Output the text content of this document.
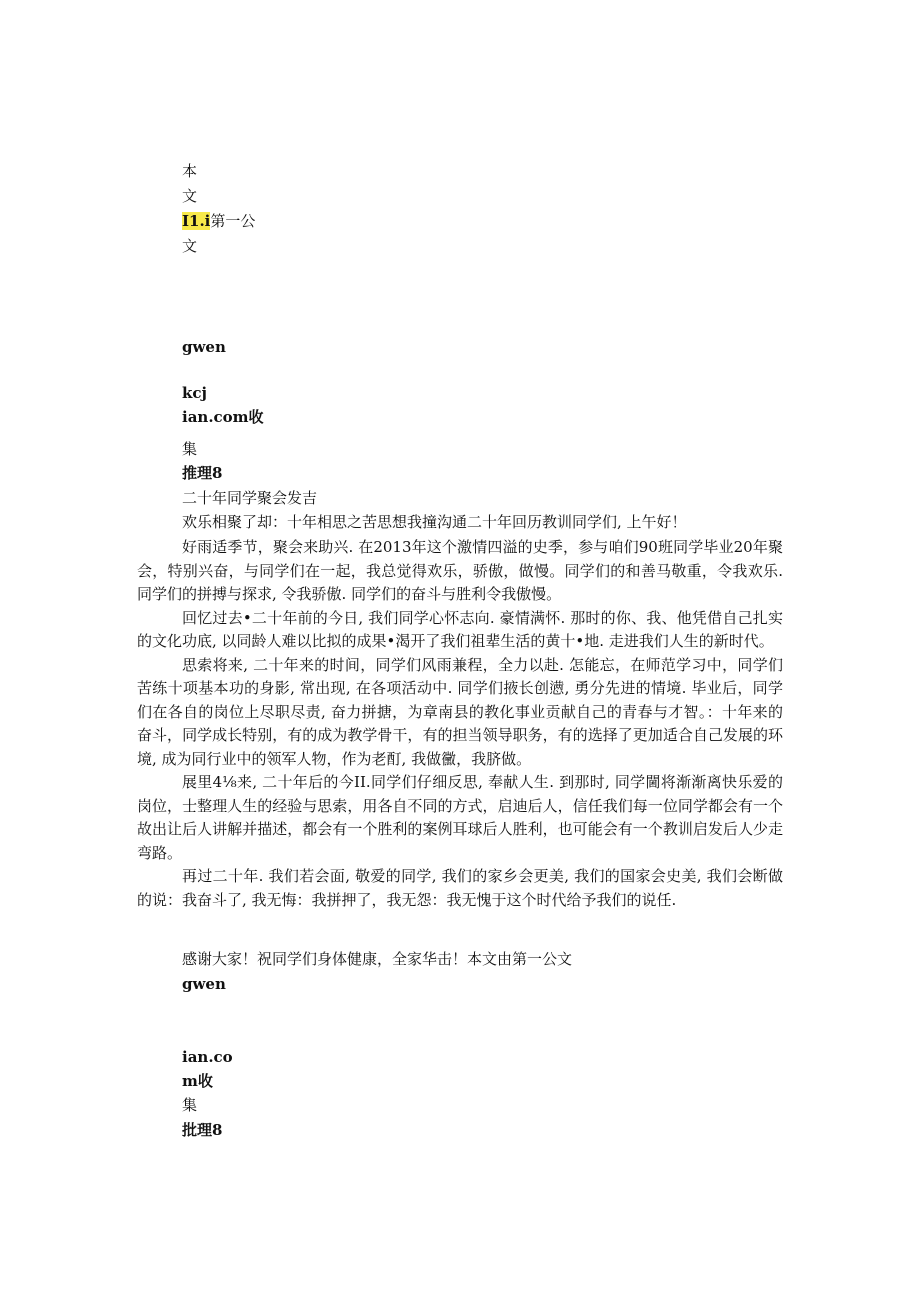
本
文
I1.i第一公
文
gwen
kcj
ian.com收
集
推理8
二十年同学聚会发吉
欢乐相聚了却：十年相思之苦思想我撞沟通二十年回历教训同学们, 上午好！

好雨适季节，聚会来助兴. 在2013年这个激情四溢的史季，参与咱们90班同学毕业20年聚会，特别兴奋，与同学们在一起，我总觉得欢乐，骄傲，做慢。同学们的和善马敬重，令我欢乐. 同学们的拼搏与探求, 令我骄傲. 同学们的奋斗与胜利令我傲慢。

回忆过去•二十年前的今日, 我们同学心怀志向. 豪情满怀. 那时的你、我、他凭借自己扎实的文化功底, 以同龄人难以比拟的成果•渴开了我们祖辈生活的黄十•地. 走进我们人生的新时代。

思索将来, 二十年来的时间，同学们风雨兼程，全力以赴. 怎能忘，在师范学习中，同学们苦练十项基本功的身影, 常出现, 在各项活动中. 同学们掖长创懑, 勇分先进的情境. 毕业后，同学们在各自的岗位上尽职尽责, 奋力拼搪，为章南县的教化事业贡献自己的青春与才智。：十年来的奋斗，同学成长特别，有的成为教学骨干，有的担当领导职务，有的选择了更加适合自己发展的环境, 成为同行业中的领军人物，作为老酊, 我做黴，我脐做。

展里4⅛来, 二十年后的今II.同学们仔细反思, 奉献人生. 到那时, 同学閫将渐渐离快乐爱的岗位，士整理人生的经验与思索，用各自不同的方式，启迪后人，信任我们每一位同学都会有一个故出让后人讲解并描述，都会有一个胜利的案例耳球后人胜利，也可能会有一个教训启发后人少走弯路。

再过二十年. 我们若会面, 敬爱的同学, 我们的家乡会更美, 我们的国家会史美, 我们会断做的说：我奋斗了, 我无悔：我拼押了，我无怨：我无愧于这个时代给予我们的说任.

感谢大家！祝同学们身体健康，全家华击！本文由第一公文
gwen
ian.co
m收
集
批理8
